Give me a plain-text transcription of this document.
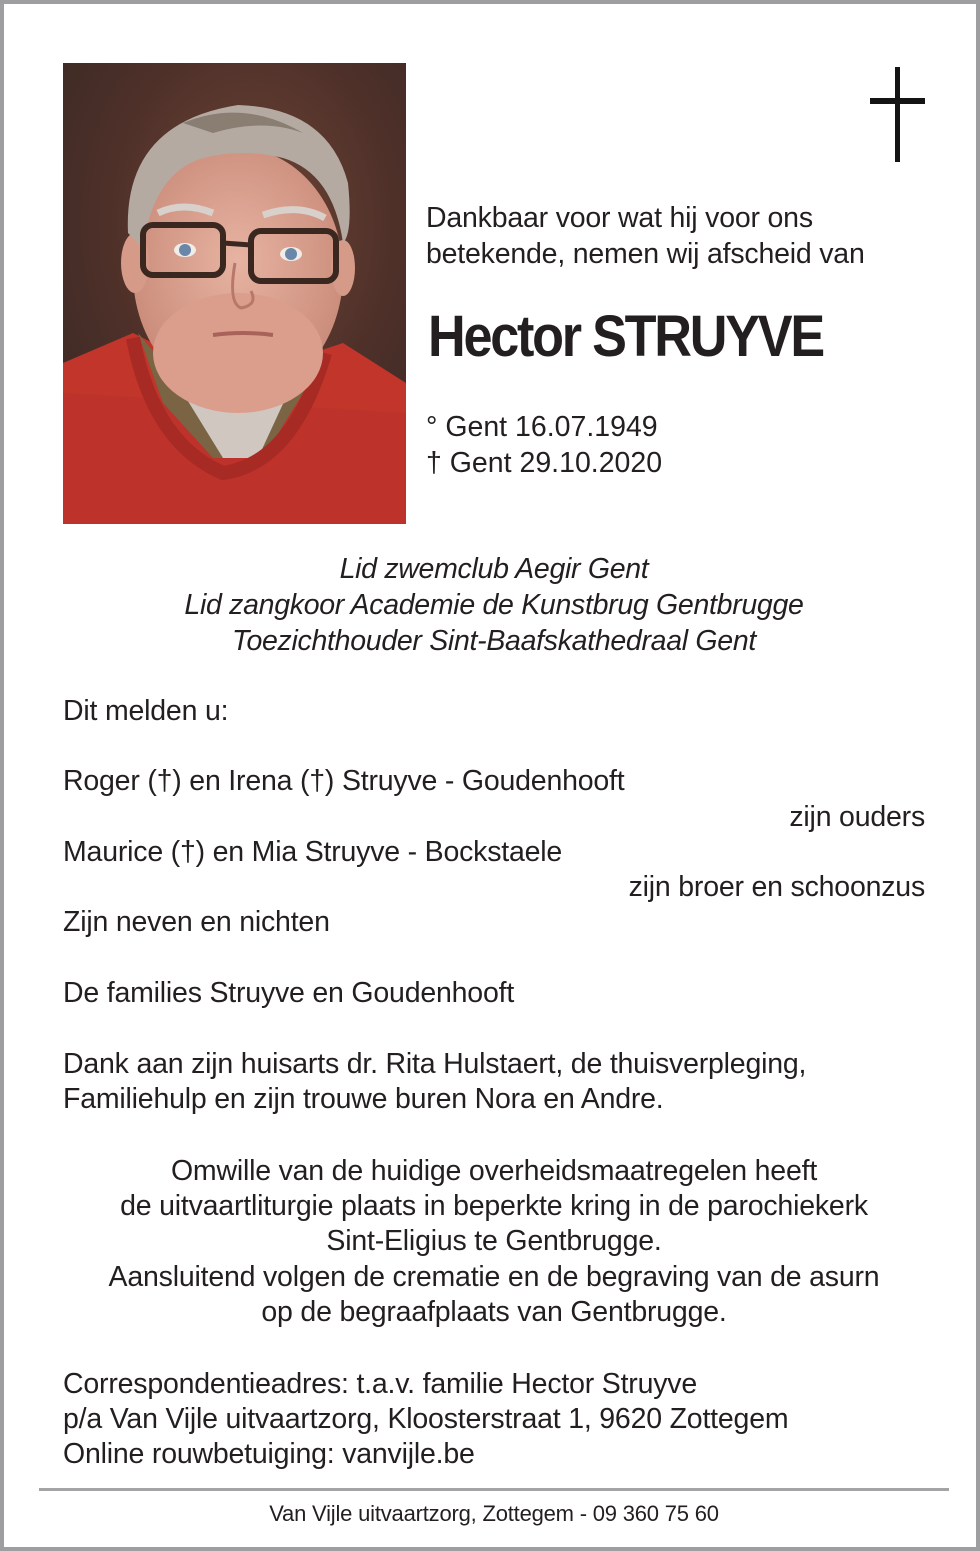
Dankbaar voor wat hij voor ons
betekende, nemen wij afscheid van
Hector STRUYVE
° Gent 16.07.1949
† Gent 29.10.2020
Lid zwemclub Aegir Gent
Lid zangkoor Academie de Kunstbrug Gentbrugge
Toezichthouder Sint-Baafskathedraal Gent
Dit melden u:

Roger (†) en Irena (†) Struyve - Goudenhooft
zijn ouders
Maurice (†) en Mia Struyve - Bockstaele
zijn broer en schoonzus
Zijn neven en nichten

De families Struyve en Goudenhooft
Dank aan zijn huisarts dr. Rita Hulstaert, de thuisverpleging,
Familiehulp en zijn trouwe buren Nora en Andre.
Omwille van de huidige overheidsmaatregelen heeft
de uitvaartliturgie plaats in beperkte kring in de parochiekerk
Sint-Eligius te Gentbrugge.
Aansluitend volgen de crematie en de begraving van de asurn
op de begraafplaats van Gentbrugge.
Correspondentieadres: t.a.v. familie Hector Struyve
p/a Van Vijle uitvaartzorg, Kloosterstraat 1, 9620 Zottegem
Online rouwbetuiging: vanvijle.be
Van Vijle uitvaartzorg, Zottegem - 09 360 75 60
